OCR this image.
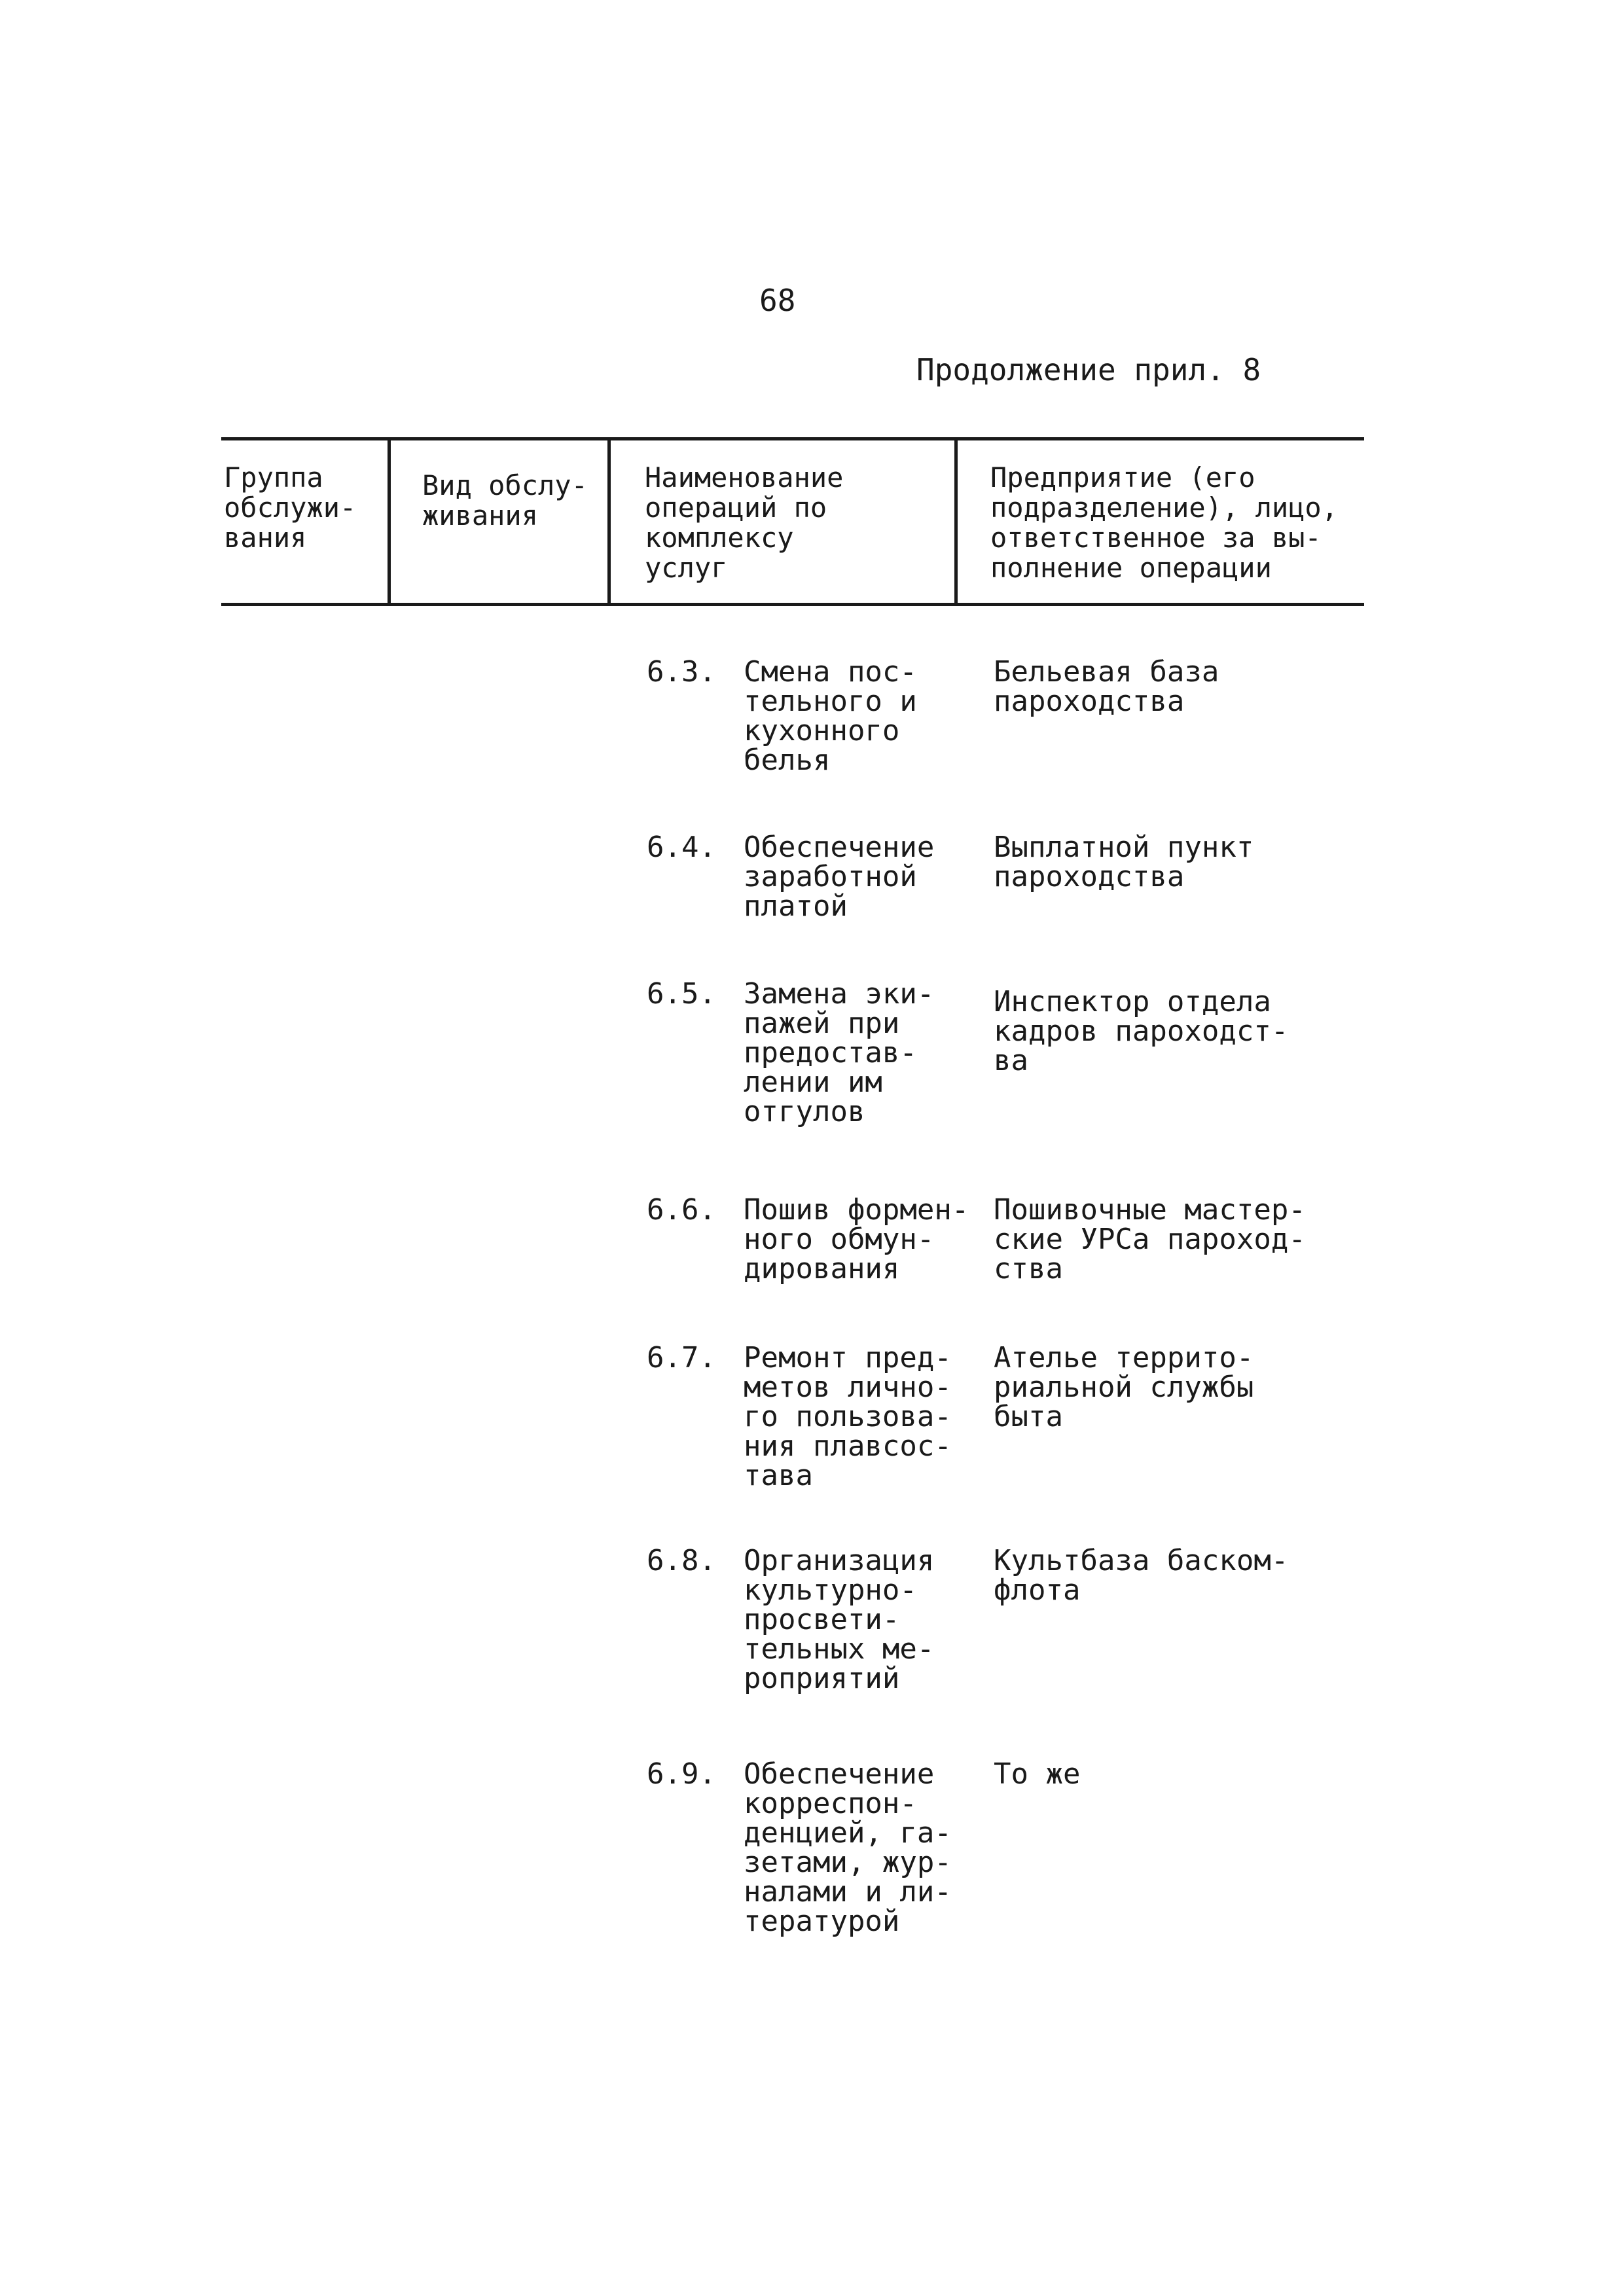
68
Продолжение прил. 8
Группа
обслужи-
вания
Вид обслу-
живания
Наименование
операций по
комплексу
услуг
Предприятие (его
подразделение), лицо,
ответственное за вы-
полнение операции
6.3. Смена пос-
тельного и
кухонного
белья
Бельевая база
пароходства
6.4. Обеспечение
заработной
платой
Выплатной пункт
пароходства
6.5. Замена эки-
пажей при
предостав-
лении им
отгулов
Инспектор отдела
кадров пароходст-
ва
6.6. Пошив формен-
ного обмун-
дирования
Пошивочные мастер-
ские УРСа пароход-
ства
6.7. Ремонт пред-
метов лично-
го пользова-
ния плавсос-
тава
Ателье террито-
риальной службы
быта
6.8. Организация
культурно-
просвети-
тельных ме-
роприятий
Культбаза баском-
флота
6.9. Обеспечение
корреспон-
денцией, га-
зетами, жур-
налами и ли-
тературой
То же
